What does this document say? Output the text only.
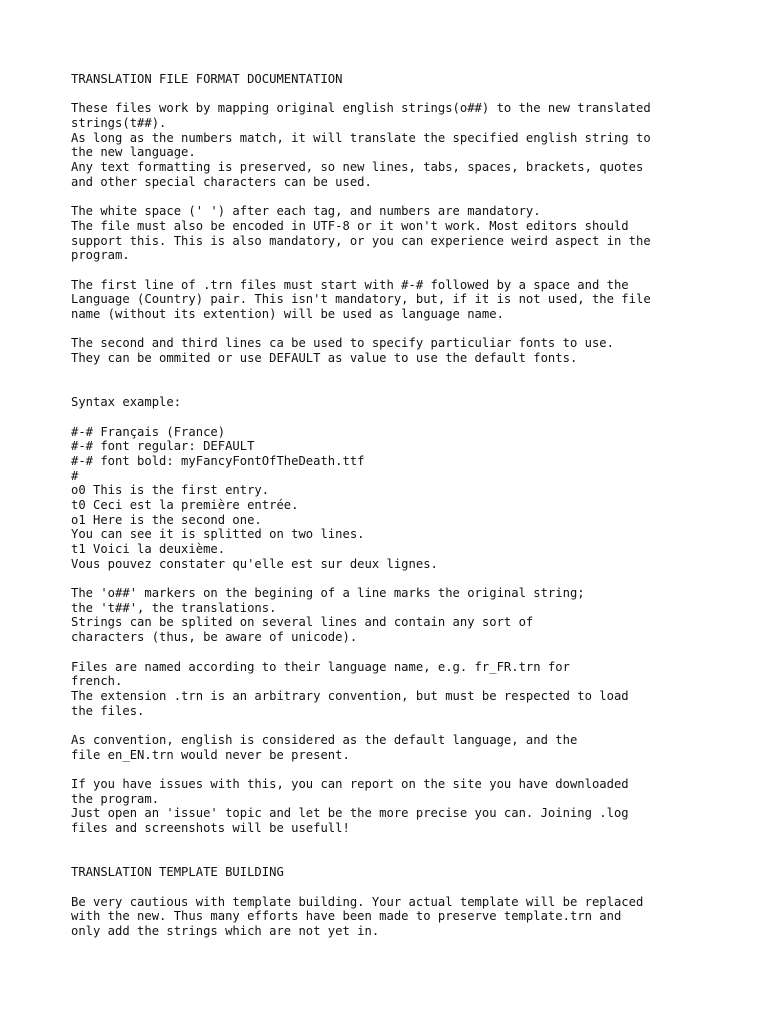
TRANSLATION FILE FORMAT DOCUMENTATION
These files work by mapping original english strings(o##) to the new translated
strings(t##).
As long as the numbers match, it will translate the specified english string to
the new language.
Any text formatting is preserved, so new lines, tabs, spaces, brackets, quotes
and other special characters can be used.
The white space (' ') after each tag, and numbers are mandatory.
The file must also be encoded in UTF-8 or it won't work. Most editors should
support this. This is also mandatory, or you can experience weird aspect in the
program.
The first line of .trn files must start with #-# followed by a space and the
Language (Country) pair. This isn't mandatory, but, if it is not used, the file
name (without its extention) will be used as language name.
The second and third lines ca be used to specify particuliar fonts to use.
They can be ommited or use DEFAULT as value to use the default fonts.
Syntax example:
#-# Français (France)
#-# font regular: DEFAULT
#-# font bold: myFancyFontOfTheDeath.ttf
#
o0 This is the first entry.
t0 Ceci est la première entrée.
o1 Here is the second one.
You can see it is splitted on two lines.
t1 Voici la deuxième.
Vous pouvez constater qu'elle est sur deux lignes.
The 'o##' markers on the begining of a line marks the original string;
the 't##', the translations.
Strings can be splited on several lines and contain any sort of
characters (thus, be aware of unicode).
Files are named according to their language name, e.g. fr_FR.trn for
french.
The extension .trn is an arbitrary convention, but must be respected to load
the files.
As convention, english is considered as the default language, and the
file en_EN.trn would never be present.
If you have issues with this, you can report on the site you have downloaded
the program.
Just open an 'issue' topic and let be the more precise you can. Joining .log
files and screenshots will be usefull!
TRANSLATION TEMPLATE BUILDING
Be very cautious with template building. Your actual template will be replaced
with the new. Thus many efforts have been made to preserve template.trn and
only add the strings which are not yet in.
